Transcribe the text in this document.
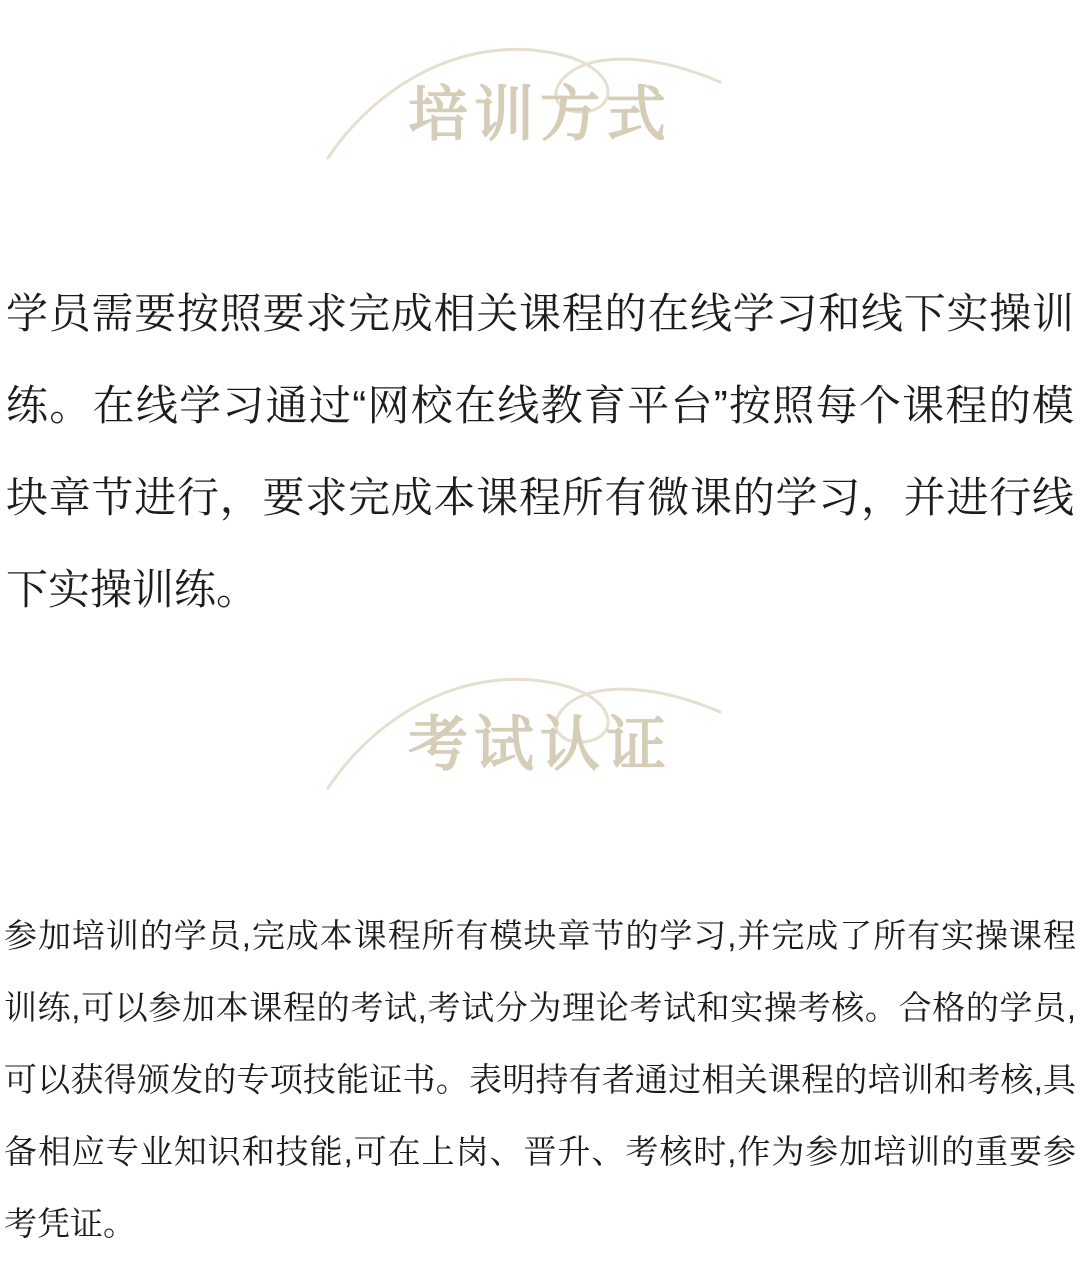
培训方式

学员需要按照要求完成相关课程的在线学习和线下实操训练。在线学习通过“网校在线教育平台”按照每个课程的模块章节进行，要求完成本课程所有微课的学习，并进行线下实操训练。

考试认证

参加培训的学员,完成本课程所有模块章节的学习,并完成了所有实操课程训练,可以参加本课程的考试,考试分为理论考试和实操考核。合格的学员,可以获得颁发的专项技能证书。表明持有者通过相关课程的培训和考核,具备相应专业知识和技能,可在上岗、晋升、考核时,作为参加培训的重要参考凭证。
